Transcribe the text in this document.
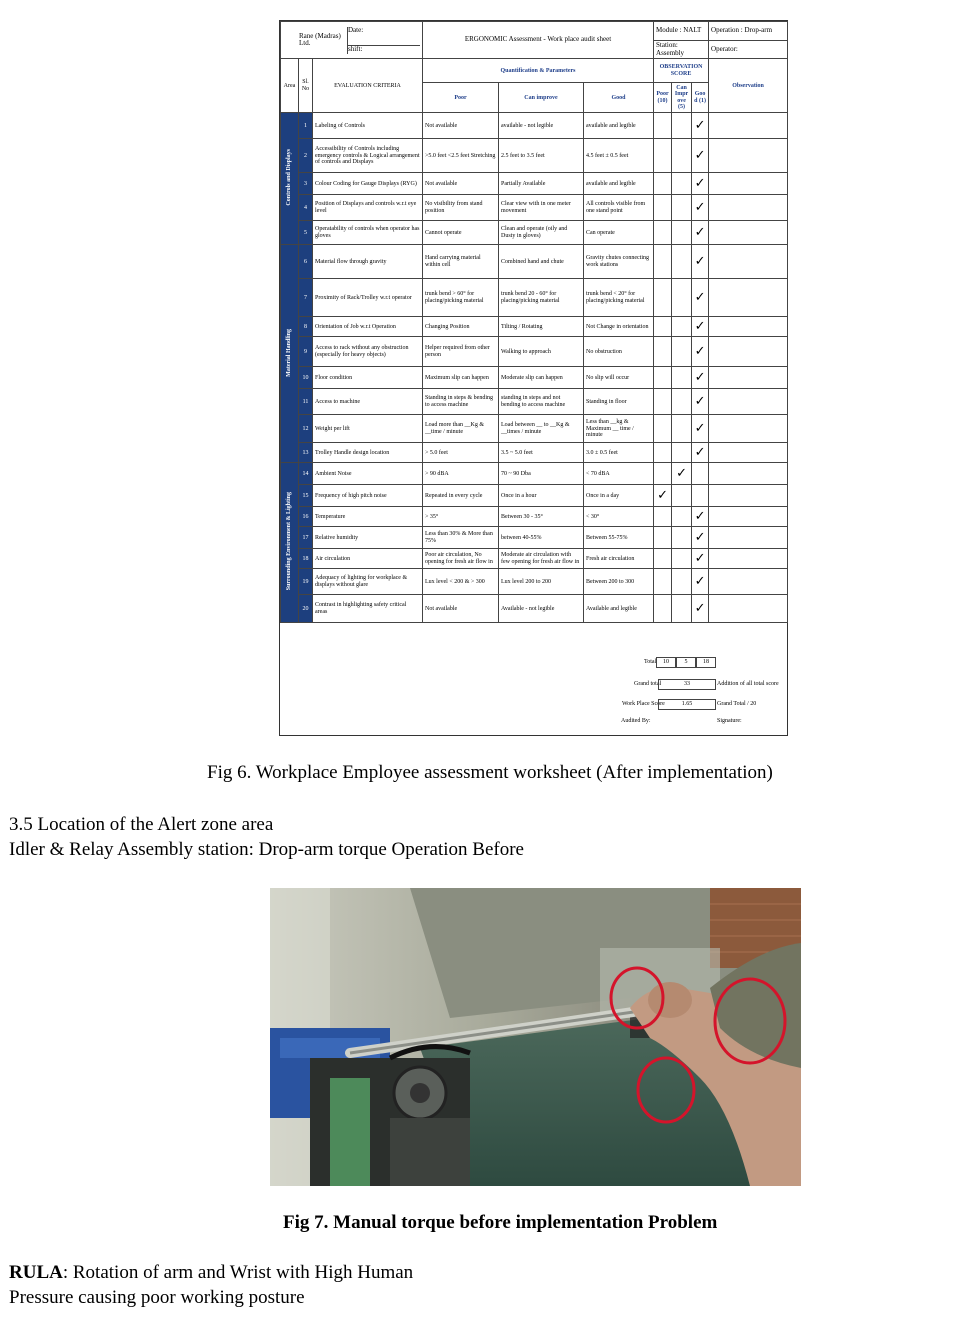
Rane (Madras) Ltd.
Date:
shift:			ERGONOMIC Assessment - Work place audit sheet			Module : NALT			Operation : Drop-arm
						Station: Assembly			Operator:
Area	Sl.No	EVALUATION CRITERIA	Quantification & Parameters			OBSERVATION SCORE			Observation
			Poor	Can improve	Good	Poor (10)	Can Improve (5)	Good (1)	
Controls and Displays	1	Labeling of Controls	Not available	available - not legible	available and legible			✓	
	2	Accessibility of Controls including emergency controls & Logical arrangement of controls and Displays	>5.0 feet <2.5 feet Stretching	2.5 feet to 3.5 feet	4.5 feet ± 0.5 feet			✓	
	3	Colour Coding for Gauge Displays (RYG)	Not available	Partially Available	available and legible			✓	
	4	Position of Displays and controls w.r.t eye level	No visibility from stand position	Clear view with in one meter movement	All controls visible from one stand point			✓	
	5	Operatability of controls when operator has gloves	Cannot operate	Clean and operate (oily and Dusty in gloves)	Can operate			✓	
Material Handling	6	Material flow through gravity	Hand carrying material within cell	Combined hand and chute	Gravity chutes connecting work stations			✓	
	7	Proximity of Rack/Trolley w.r.t operator	trunk bend > 60° for placing/picking material	trunk bend 20 - 60° for placing/picking material	trunk bend < 20° for placing/picking material			✓	
	8	Orientation of Job w.r.t Operation	Changing Position	Tilting / Rotating	Not Change in orientation			✓	
	9	Access to rack without any obstruction (especially for heavy objects)	Helper required from other person	Walking to approach	No obstruction			✓	
	10	Floor condition	Maximum slip can happen	Moderate slip can happen	No slip will occur			✓	
	11	Access to machine	Standing in steps & bending to access machine	standing in steps and not bending to access machine	Standing in floor			✓	
	12	Weight per lift	Load more than __Kg & __time / minute	Load between __ to __Kg & __times / minute	Less than __kg & Maximum __ time / minute			✓	
	13	Trolley Handle design location	> 5.0 feet	3.5 ~ 5.0 feet	3.0 ± 0.5 feet			✓	
Surrounding Environment & Lighting	14	Ambient Noise	> 90 dBA	70 ~ 90 Dba	< 70 dBA		✓		
	15	Frequency of high pitch noise	Repeated in every cycle	Once in a hour	Once in a day	✓			
	16	Temperature	> 35°	Between 30 - 35°	< 30°			✓	
	17	Relative humidity	Less than 30% & More than 75%	between 40-55%	Between 55-75%			✓	
	18	Air circulation	Poor air circulation, No opening for fresh air flow in	Moderate air circulation with few opening for fresh air flow in	Fresh air circulation			✓	
	19	Adequacy of lighting for workplace & displays without glare	Lux level < 200 & > 300	Lux level 200 to 200	Between 200 to 300			✓	
	20	Contrast in highlighting safety critical areas	Not available	Available - not legible	Available and legible			✓	
Total	10	5	18
Grand total	33	Addition of all total score
Work Place Score	1.65	Grand Total / 20
Audited By:	Signature:
Fig 6. Workplace Employee assessment worksheet (After implementation)
3.5 Location of the Alert zone area
Idler & Relay Assembly station: Drop-arm torque Operation Before
Fig 7. Manual torque before implementation Problem
RULA: Rotation of arm and Wrist with High Human
Pressure causing poor working posture
